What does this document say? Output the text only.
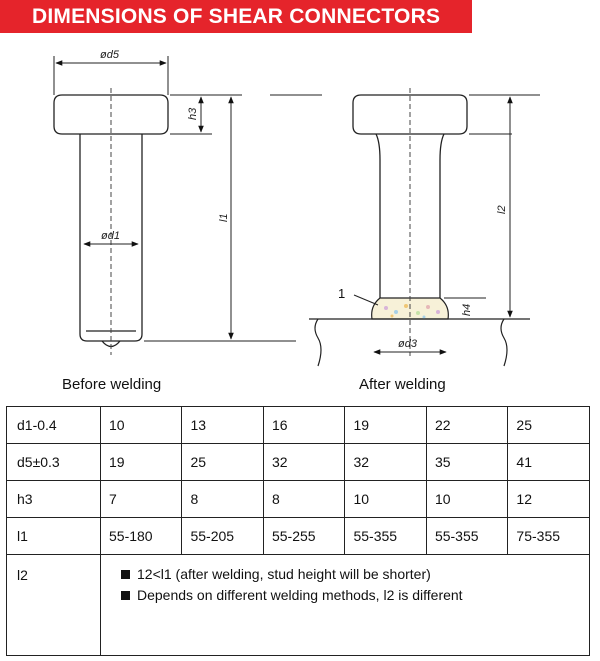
DIMENSIONS OF SHEAR CONNECTORS
ød5
h3
l1
ød1
l2
h4
ød3
1
Before welding	After welding
d1-0.4	10	13	16	19	22	25
d5±0.3	19	25	32	32	35	41
h3	7	8	8	10	10	12
l1	55-180	55-205	55-255	55-355	55-355	75-355
l2	12<l1 (after welding, stud height will be shorter)
Depends on different welding methods, l2 is different					
